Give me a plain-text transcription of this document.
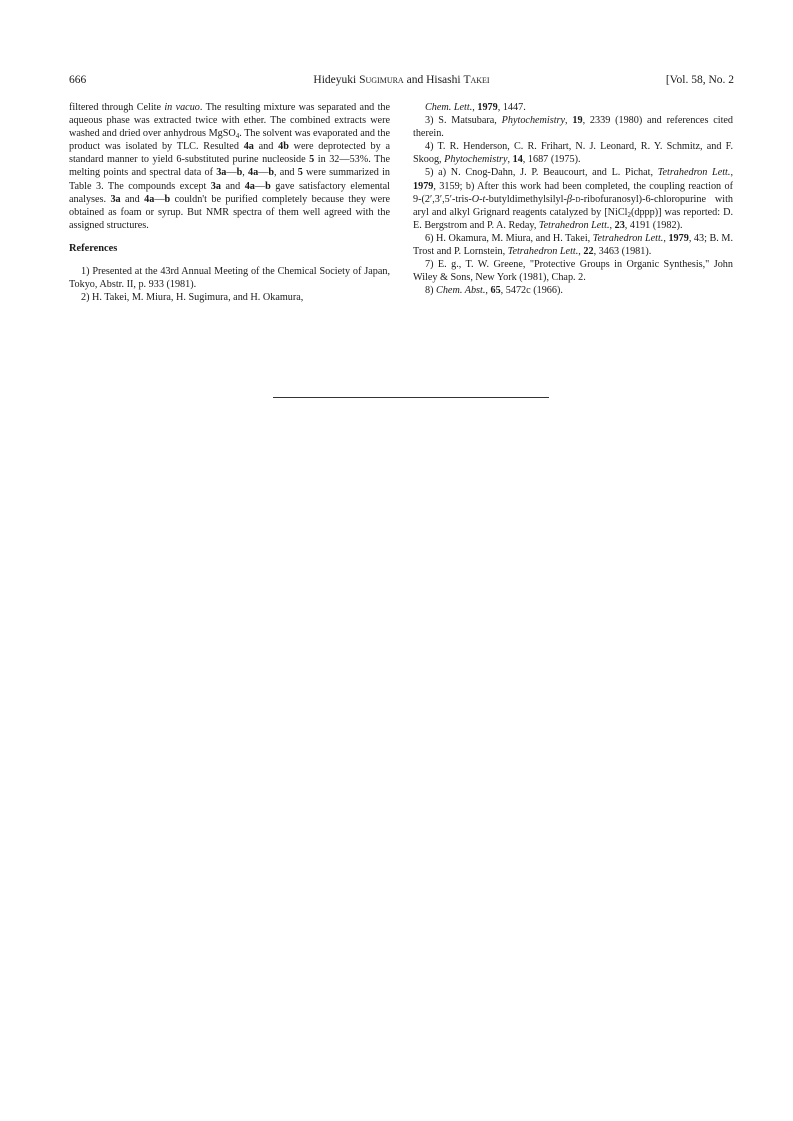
666	Hideyuki Sugimura and Hisashi Takei	[Vol. 58, No. 2

filtered through Celite in vacuo. The resulting mixture was separated and the aqueous phase was extracted twice with ether. The combined extracts were washed and dried over anhydrous MgSO$_4$. The solvent was evaporated and the product was isolated by TLC. Resulted 4a and 4b were deprotected by a standard manner to yield 6-substituted purine nucleoside 5 in 32—53%. The melting points and spectral data of 3a—b, 4a—b, and 5 were summarized in Table 3. The compounds except 3a and 4a—b gave satisfactory elemental analyses. 3a and 4a—b couldn't be purified completely because they were obtained as foam or syrup. But NMR spectra of them well agreed with the assigned structures.

References

1) Presented at the 43rd Annual Meeting of the Chemical Society of Japan, Tokyo, Abstr. II, p. 933 (1981).

2) H. Takei, M. Miura, H. Sugimura, and H. Okamura,

Chem. Lett., 1979, 1447.

3) S. Matsubara, Phytochemistry, 19, 2339 (1980) and references cited therein.

4) T. R. Henderson, C. R. Frihart, N. J. Leonard, R. Y. Schmitz, and F. Skoog, Phytochemistry, 14, 1687 (1975).

5) a) N. Cnog-Dahn, J. P. Beaucourt, and L. Pichat, Tetrahedron Lett., 1979, 3159; b) After this work had been completed, the coupling reaction of 9-(2′,3′,5′-tris-O-t-butyldimethylsilyl-β-d-ribofuranosyl)-6-chloropurine with aryl and alkyl Grignard reagents catalyzed by [NiCl$_2$(dppp)] was reported: D. E. Bergstrom and P. A. Reday, Tetrahedron Lett., 23, 4191 (1982).

6) H. Okamura, M. Miura, and H. Takei, Tetrahedron Lett., 1979, 43; B. M. Trost and P. Lornstein, Tetrahedron Lett., 22, 3463 (1981).

7) E. g., T. W. Greene, "Protective Groups in Organic Synthesis," John Wiley & Sons, New York (1981), Chap. 2.

8) Chem. Abst., 65, 5472c (1966).
